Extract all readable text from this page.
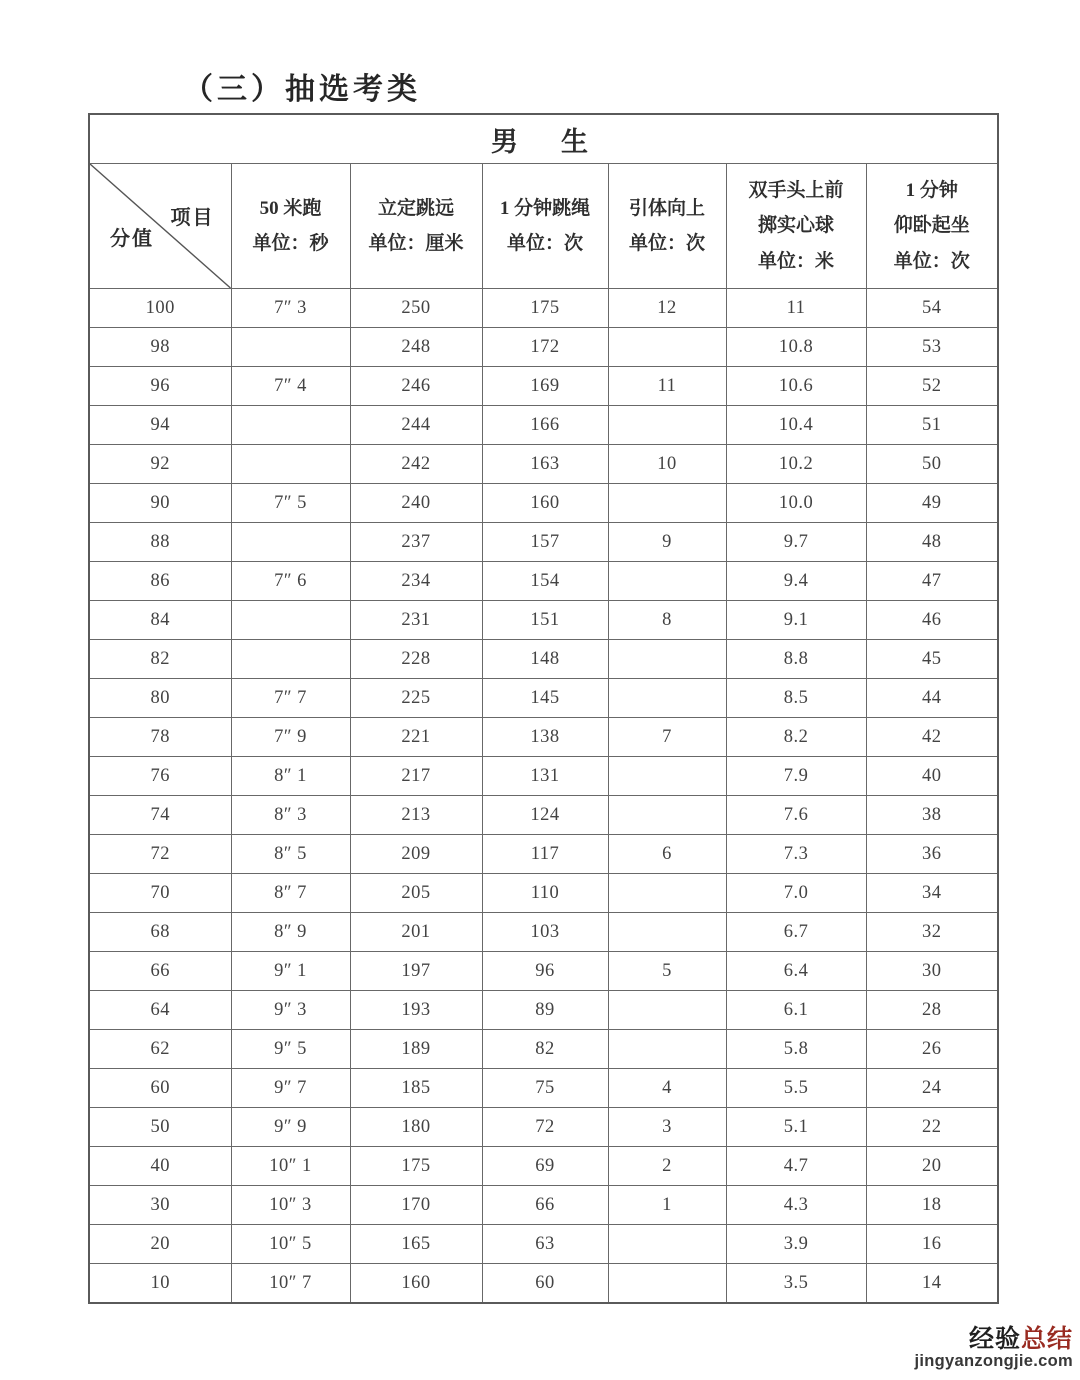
（三）抽选考类
男　生						

项目
分值

50 米跑
单位：秒

立定跳远
单位：厘米

1 分钟跳绳
单位：次

引体向上
单位：次

双手头上前
掷实心球
单位：米

1 分钟
仰卧起坐
单位：次

100	7″ 3	250	175	12	11	54
98		248	172		10.8	53
96	7″ 4	246	169	11	10.6	52
94		244	166		10.4	51
92		242	163	10	10.2	50
90	7″ 5	240	160		10.0	49
88		237	157	9	9.7	48
86	7″ 6	234	154		9.4	47
84		231	151	8	9.1	46
82		228	148		8.8	45
80	7″ 7	225	145		8.5	44
78	7″ 9	221	138	7	8.2	42
76	8″ 1	217	131		7.9	40
74	8″ 3	213	124		7.6	38
72	8″ 5	209	117	6	7.3	36
70	8″ 7	205	110		7.0	34
68	8″ 9	201	103		6.7	32
66	9″ 1	197	96	5	6.4	30
64	9″ 3	193	89		6.1	28
62	9″ 5	189	82		5.8	26
60	9″ 7	185	75	4	5.5	24
50	9″ 9	180	72	3	5.1	22
40	10″ 1	175	69	2	4.7	20
30	10″ 3	170	66	1	4.3	18
20	10″ 5	165	63		3.9	16
10	10″ 7	160	60		3.5	14
经验总结
jingyanzongjie.com
